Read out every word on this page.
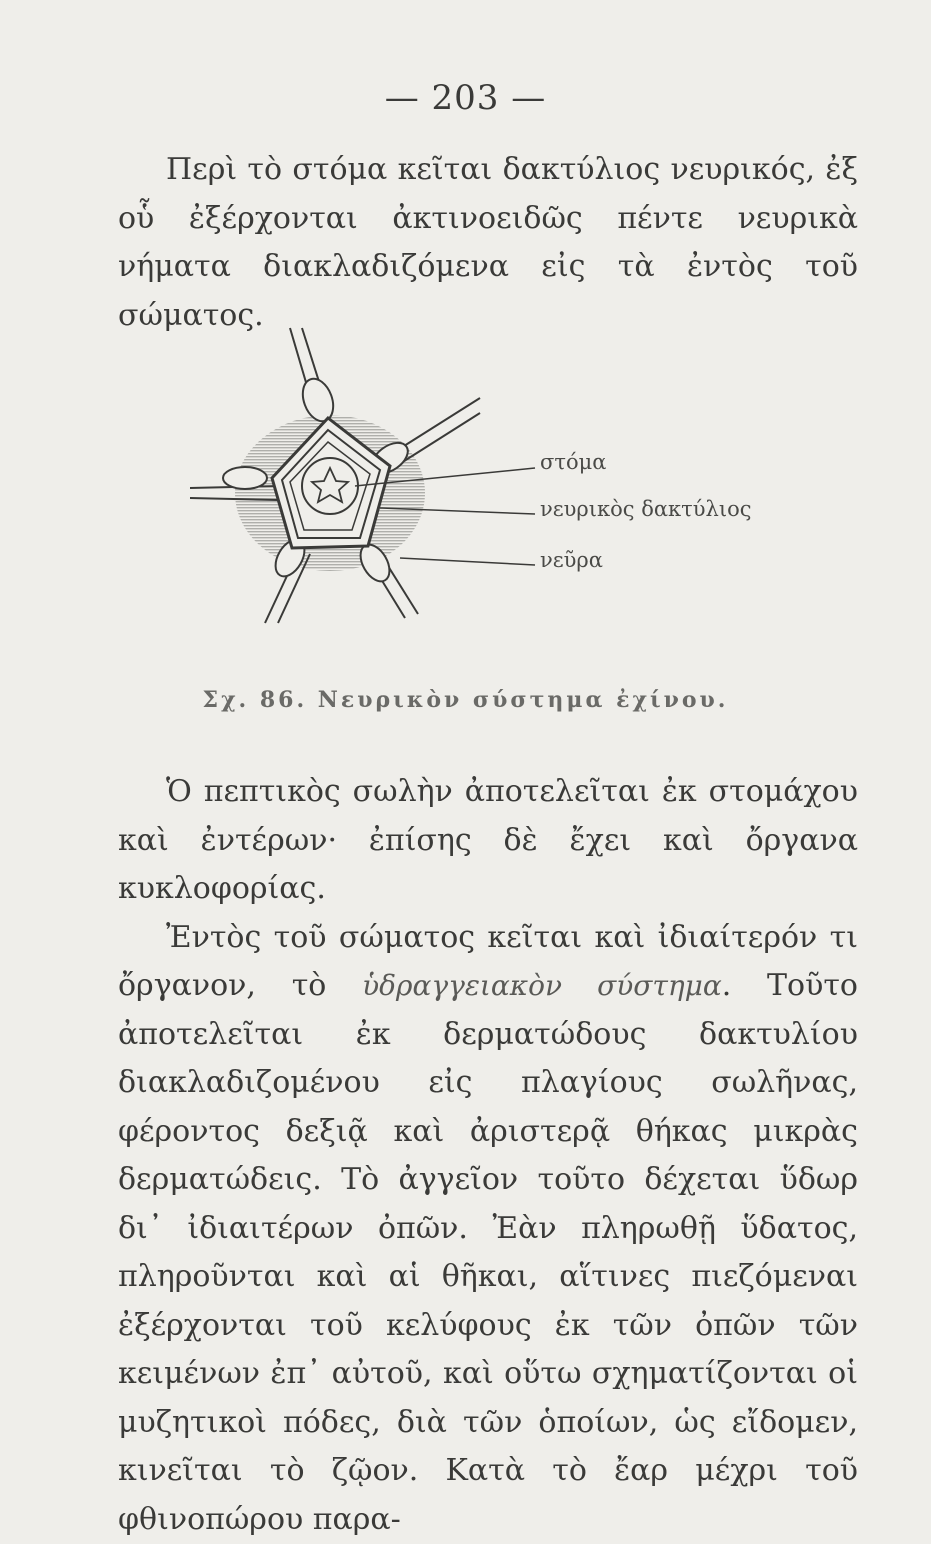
— 203 —

Περὶ τὸ στόμα κεῖται δακτύλιος νευρικός, ἐξ οὗ ἐξέρχονται ἀκτινοειδῶς πέντε νευρικὰ νήματα διακλαδιζόμενα εἰς τὰ ἐντὸς τοῦ σώματος.

στόμα
νευρικὸς δακτύλιος
νεῦρα
Σχ. 86. Νευρικὸν σύστημα ἐχίνου.

Ὁ πεπτικὸς σωλὴν ἀποτελεῖται ἐκ στομάχου καὶ ἐντέρων· ἐπίσης δὲ ἔχει καὶ ὄργανα κυκλοφορίας.

Ἐντὸς τοῦ σώματος κεῖται καὶ ἰδιαίτερόν τι ὄργανον, τὸ ὑδραγγειακὸν σύστημα. Τοῦτο ἀποτελεῖται ἐκ δερματώδους δακτυλίου διακλαδιζομένου εἰς πλαγίους σωλῆνας, φέροντος δεξιᾷ καὶ ἀριστερᾷ θήκας μικρὰς δερματώδεις. Τὸ ἀγγεῖον τοῦτο δέχεται ὕδωρ δι᾽ ἰδιαιτέρων ὀπῶν. Ἐὰν πληρωθῇ ὕδατος, πληροῦνται καὶ αἱ θῆκαι, αἵτινες πιεζόμεναι ἐξέρχονται τοῦ κελύφους ἐκ τῶν ὀπῶν τῶν κειμένων ἐπ᾽ αὐτοῦ, καὶ οὕτω σχηματίζονται οἱ μυζητικοὶ πόδες, διὰ τῶν ὁποίων, ὡς εἴδομεν, κινεῖται τὸ ζῷον. Κατὰ τὸ ἔαρ μέχρι τοῦ φθινοπώρου παρα-
